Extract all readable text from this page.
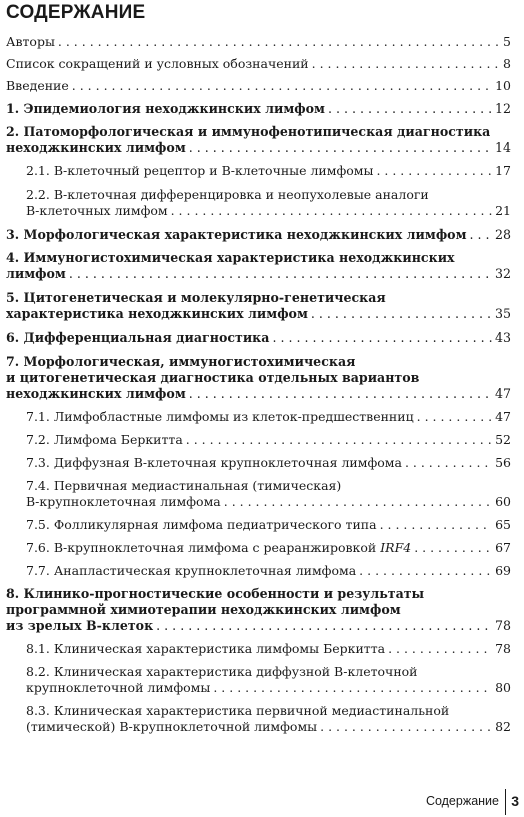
СОДЕРЖАНИЕ
Авторы . . .	5
Список сокращений и условных обозначений . . .	8
Введение . . .	10
1. Эпидемиология неходжкинских лимфом . . .	12
2. Патоморфологическая и иммунофенотипическая диагностика
неходжкинских лимфом . . .	14
2.1. В-клеточный рецептор и В-клеточные лимфомы . . .	17
2.2. В-клеточная дифференцировка и неопухолевые аналоги
В-клеточных лимфом . . .	21
3. Морфологическая характеристика неходжкинских лимфом . . . 28
4. Иммуногистохимическая характеристика неходжкинских
лимфом . . .	32
5. Цитогенетическая и молекулярно-генетическая
характеристика неходжкинских лимфом . . .	35
6. Дифференциальная диагностика . . .	43
7. Морфологическая, иммуногистохимическая
и цитогенетическая диагностика отдельных вариантов
неходжкинских лимфом . . .	47
7.1. Лимфобластные лимфомы из клеток-предшественниц . . .	47
7.2. Лимфома Беркитта . . .	52
7.3. Диффузная В-клеточная крупноклеточная лимфома . . .	56
7.4. Первичная медиастинальная (тимическая)
В-крупноклеточная лимфома . . .	60
7.5. Фолликулярная лимфома педиатрического типа . . .	65
7.6. В-крупноклеточная лимфома с реаранжировкой IRF4 . . .	67
7.7. Анапластическая крупноклеточная лимфома . . .	69
8. Клинико-прогностические особенности и результаты
программной химиотерапии неходжкинских лимфом
из зрелых В-клеток . . .	78
8.1. Клиническая характеристика лимфомы Беркитта . . .	78
8.2. Клиническая характеристика диффузной В-клеточной
крупноклеточной лимфомы . . .	80
8.3. Клиническая характеристика первичной медиастинальной
(тимической) В-крупноклеточной лимфомы . . .	82
Содержание 3
